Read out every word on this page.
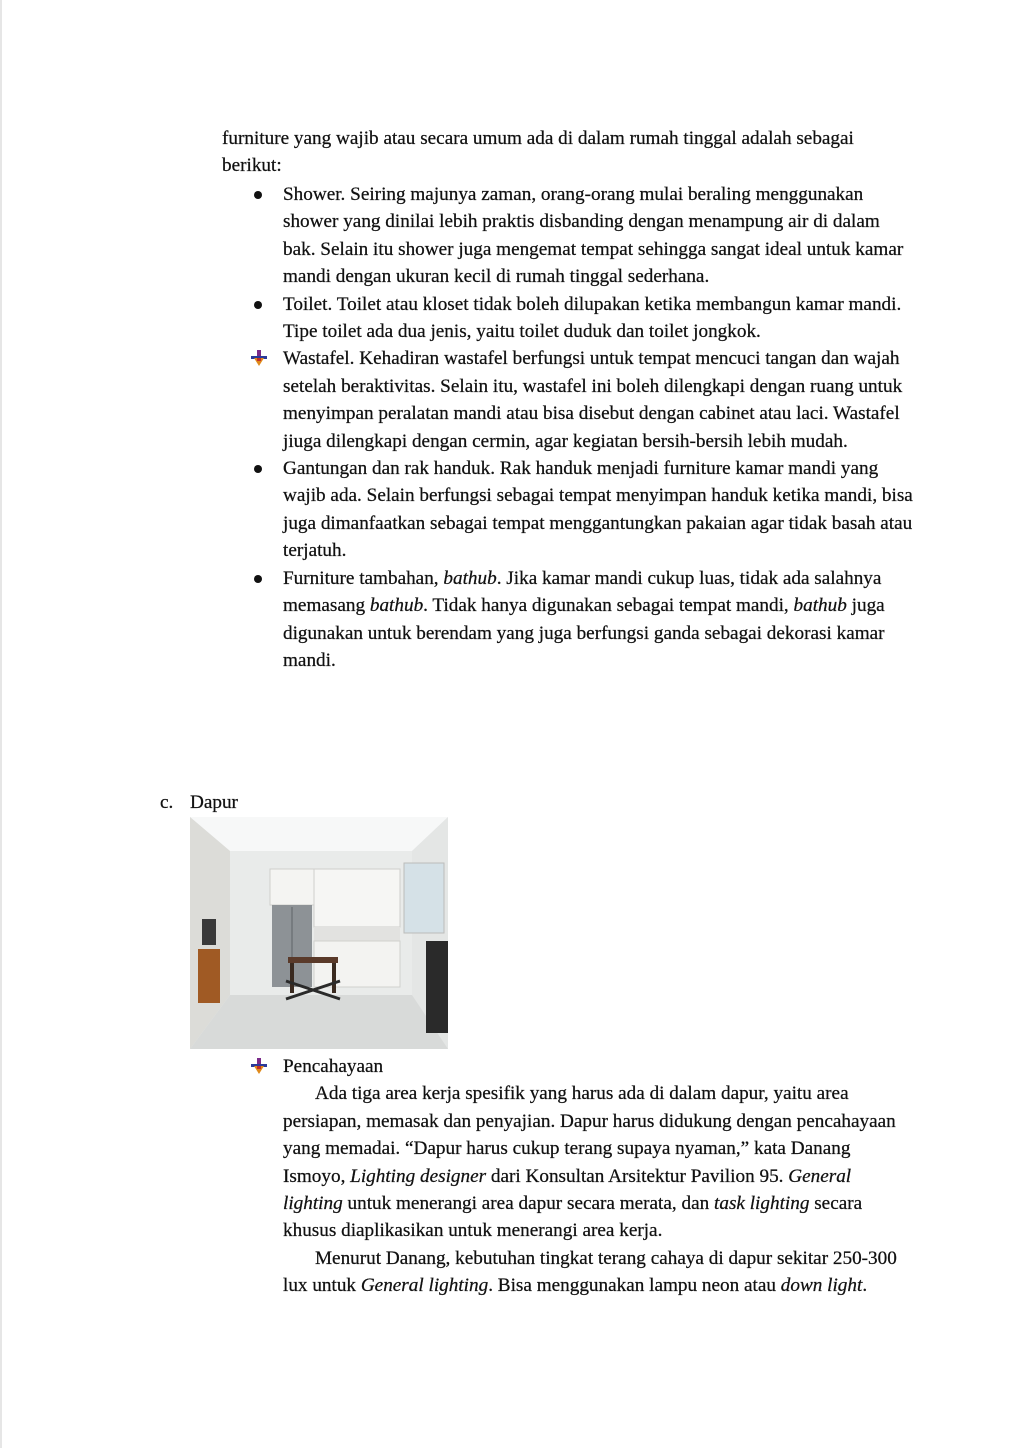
furniture yang wajib atau secara umum ada di dalam rumah tinggal adalah sebagai berikut:
Shower. Seiring majunya zaman, orang-orang mulai beraling menggunakan shower yang dinilai lebih praktis disbanding dengan menampung air di dalam bak. Selain itu shower juga mengemat tempat sehingga sangat ideal untuk kamar mandi dengan ukuran kecil di rumah tinggal sederhana.
Toilet. Toilet atau kloset tidak boleh dilupakan ketika membangun kamar mandi. Tipe toilet ada dua jenis, yaitu toilet duduk dan toilet jongkok.
Wastafel. Kehadiran wastafel berfungsi untuk tempat mencuci tangan dan wajah setelah beraktivitas. Selain itu, wastafel ini boleh dilengkapi dengan ruang untuk menyimpan peralatan mandi atau bisa disebut dengan cabinet atau laci. Wastafel jiuga dilengkapi dengan cermin, agar kegiatan bersih-bersih lebih mudah.
Gantungan dan rak handuk. Rak handuk menjadi furniture kamar mandi yang wajib ada. Selain berfungsi sebagai tempat menyimpan handuk ketika mandi, bisa juga dimanfaatkan sebagai tempat menggantungkan pakaian agar tidak basah atau terjatuh.
Furniture tambahan, bathub. Jika kamar mandi cukup luas, tidak ada salahnya memasang bathub. Tidak hanya digunakan sebagai tempat mandi, bathub juga digunakan untuk berendam yang juga berfungsi ganda sebagai dekorasi kamar mandi.
c. Dapur
Pencahayaan

Ada tiga area kerja spesifik yang harus ada di dalam dapur, yaitu area persiapan, memasak dan penyajian. Dapur harus didukung dengan pencahayaan yang memadai. “Dapur harus cukup terang supaya nyaman,” kata Danang Ismoyo, Lighting designer dari Konsultan Arsitektur Pavilion 95. General lighting untuk menerangi area dapur secara merata, dan task lighting secara khusus diaplikasikan untuk menerangi area kerja.

Menurut Danang, kebutuhan tingkat terang cahaya di dapur sekitar 250-300 lux untuk General lighting. Bisa menggunakan lampu neon atau down light.
